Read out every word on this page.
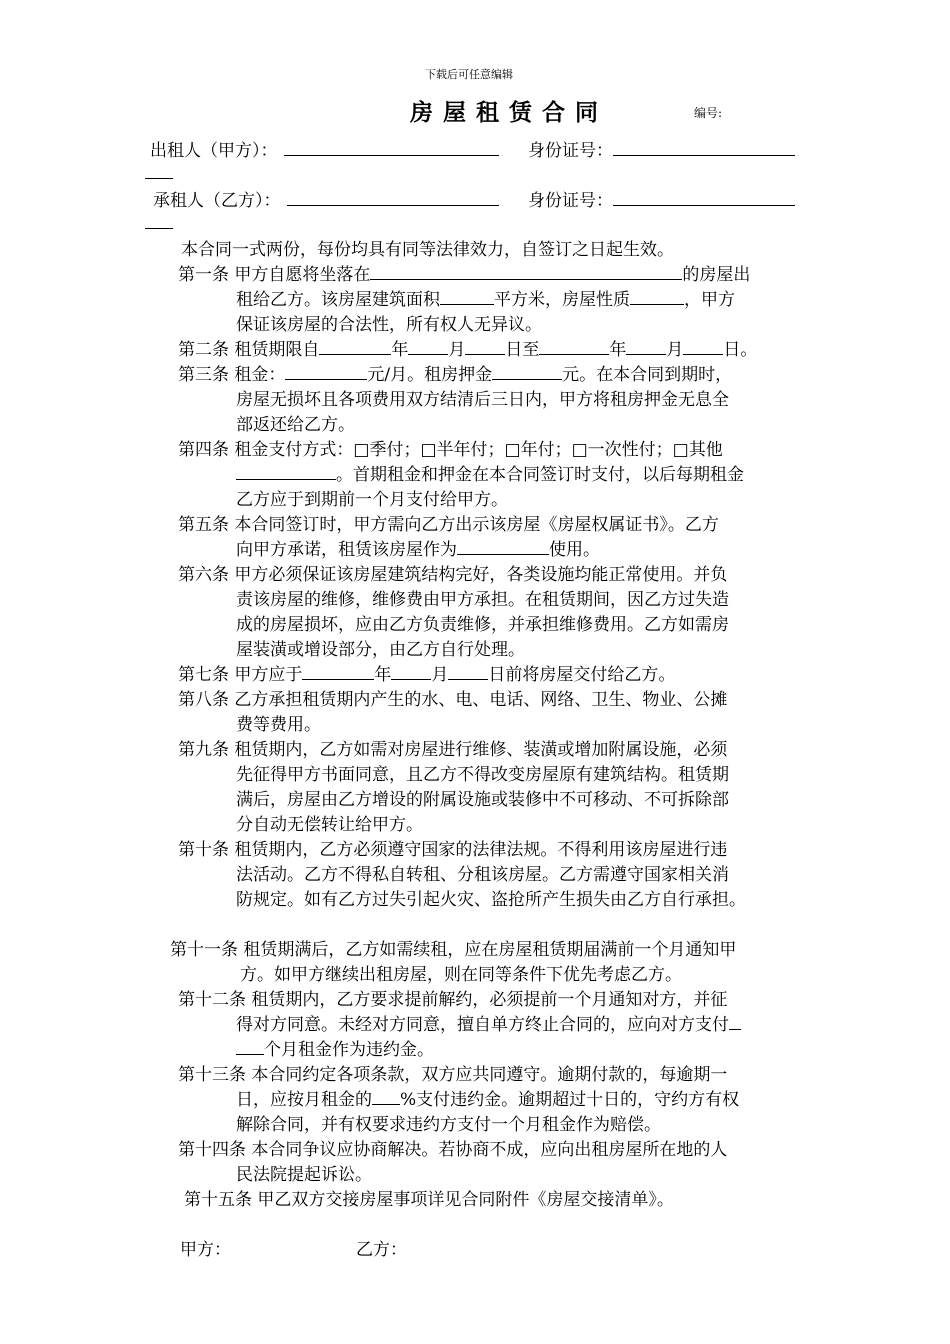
下载后可任意编辑
房屋租赁合同	编号:
出租人（甲方）：	身份证号：
承租人（乙方）：	身份证号：
本合同一式两份，每份均具有同等法律效力，自签订之日起生效。
第一条 甲方自愿将坐落在	的房屋出
租给乙方。该房屋建筑面积	平方米，房屋性质	，甲方
保证该房屋的合法性，所有权人无异议。
第二条 租赁期限自	年 月 日至	年 月 日。
第三条 租金：	元/月。租房押金	元。在本合同到期时，
房屋无损坏且各项费用双方结清后三日内，甲方将租房押金无息全
部返还给乙方。
第四条 租金支付方式：□季付；□半年付；□年付；□一次性付；□其他
。首期租金和押金在本合同签订时支付，以后每期租金
乙方应于到期前一个月支付给甲方。
第五条 本合同签订时，甲方需向乙方出示该房屋《房屋权属证书》。乙方
向甲方承诺，租赁该房屋作为	使用。
第六条 甲方必须保证该房屋建筑结构完好，各类设施均能正常使用。并负
责该房屋的维修，维修费由甲方承担。在租赁期间，因乙方过失造
成的房屋损坏，应由乙方负责维修，并承担维修费用。乙方如需房
屋装潢或增设部分，由乙方自行处理。
第七条 甲方应于	年 月 日前将房屋交付给乙方。
第八条 乙方承担租赁期内产生的水、电、电话、网络、卫生、物业、公摊
费等费用。
第九条 租赁期内，乙方如需对房屋进行维修、装潢或增加附属设施，必须
先征得甲方书面同意，且乙方不得改变房屋原有建筑结构。租赁期
满后，房屋由乙方增设的附属设施或装修中不可移动、不可拆除部
分自动无偿转让给甲方。
第十条 租赁期内，乙方必须遵守国家的法律法规。不得利用该房屋进行违
法活动。乙方不得私自转租、分租该房屋。乙方需遵守国家相关消
防规定。如有乙方过失引起火灾、盗抢所产生损失由乙方自行承担。
第十一条 租赁期满后，乙方如需续租，应在房屋租赁期届满前一个月通知甲
方。如甲方继续出租房屋，则在同等条件下优先考虑乙方。
第十二条 租赁期内，乙方要求提前解约，必须提前一个月通知对方，并征
得对方同意。未经对方同意，擅自单方终止合同的，应向对方支付
个月租金作为违约金。
第十三条 本合同约定各项条款，双方应共同遵守。逾期付款的，每逾期一
日，应按月租金的 %支付违约金。逾期超过十日的，守约方有权
解除合同，并有权要求违约方支付一个月租金作为赔偿。
第十四条 本合同争议应协商解决。若协商不成，应向出租房屋所在地的人
民法院提起诉讼。
第十五条 甲乙双方交接房屋事项详见合同附件《房屋交接清单》。
甲方：	乙方：
